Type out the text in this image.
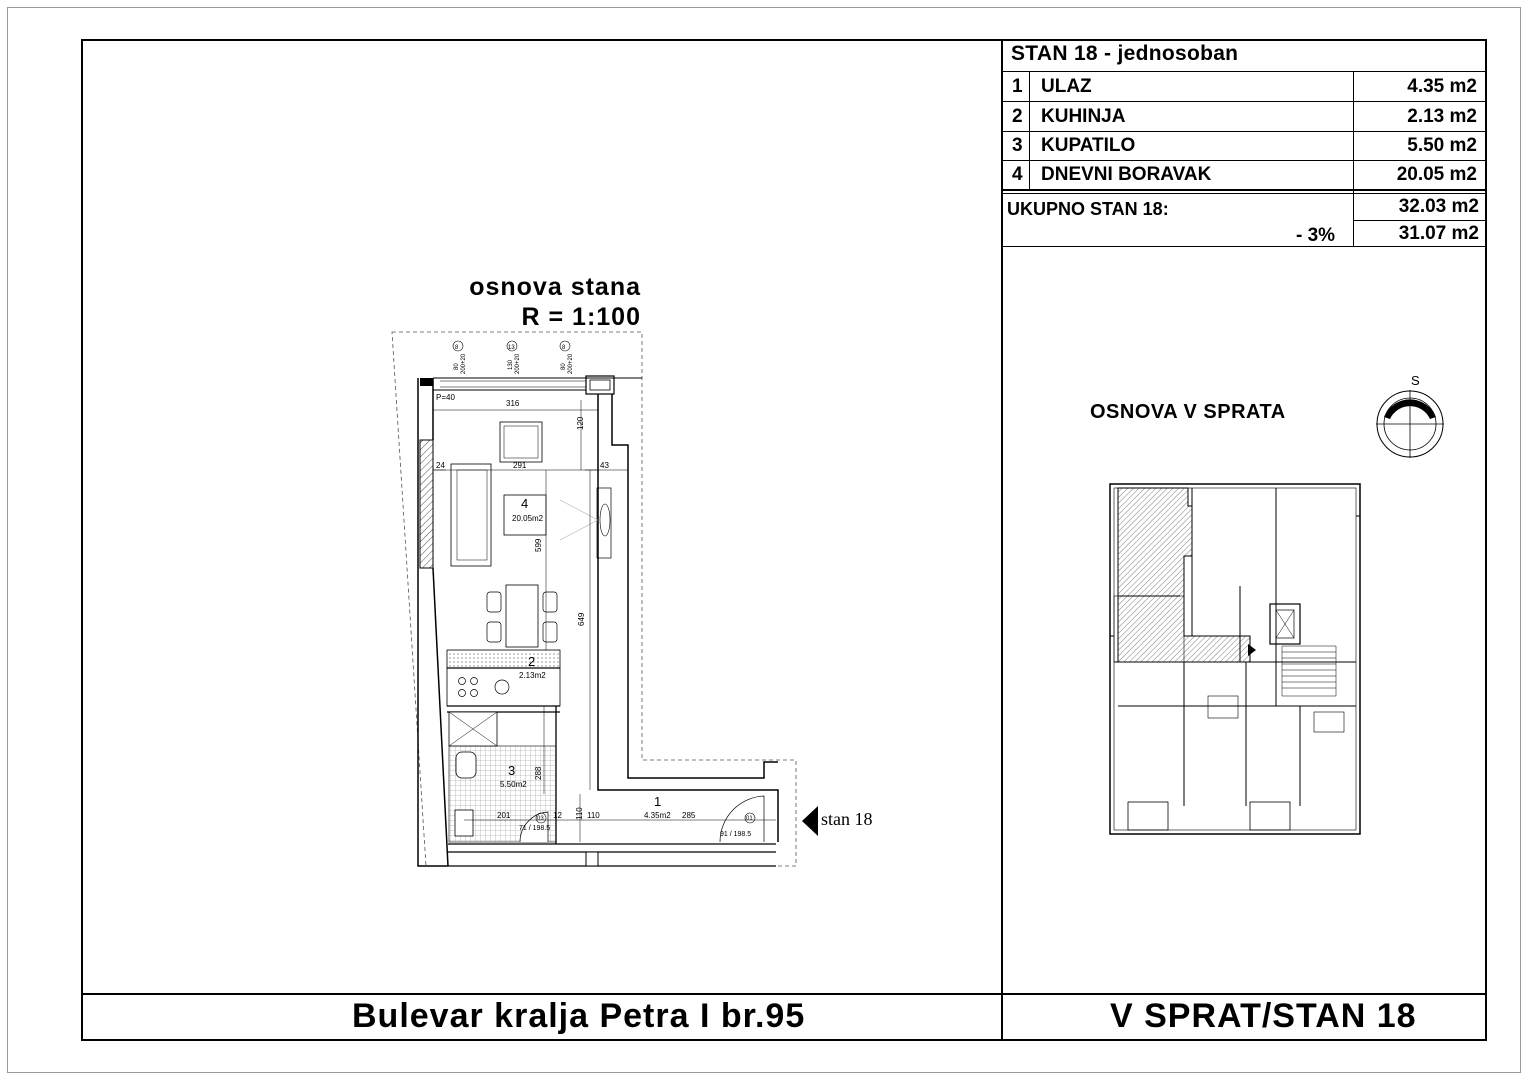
STAN 18 - jednosoban
1 ULAZ	4.35 m2
2 KUHINJA	2.13 m2
3 KUPATILO	5.50 m2
4 DNEVNI BORAVAK	20.05 m2
UKUPNO STAN 18:	32.03 m2
- 3%	31.07 m2
osnova stana
R = 1:100
4
20.05m2
2
2.13m2
3
5.50m2
1
4.35m2
316
291
24	43
P=40
120
599
649
288
110
201	12	110	285
8	13	8
80 200+20	130 200+20	80 200+20
03
71 / 198.5
01
91 / 198.5
stan 18
OSNOVA V SPRATA
S
Bulevar kralja Petra I br.95	V SPRAT/STAN 18
